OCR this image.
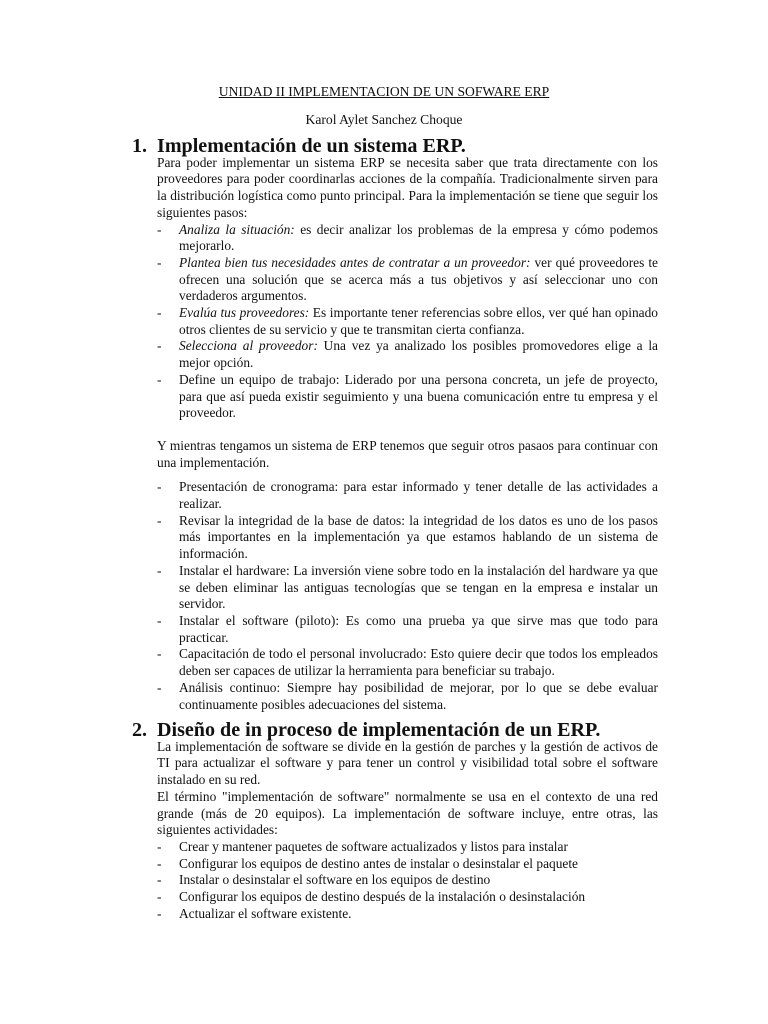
UNIDAD II IMPLEMENTACION DE UN SOFWARE ERP

Karol Aylet Sanchez Choque

1. Implementación de un sistema ERP.

Para poder implementar un sistema ERP se necesita saber que trata directamente con los proveedores para poder coordinarlas acciones de la compañía. Tradicionalmente sirven para la distribución logística como punto principal. Para la implementación se tiene que seguir los siguientes pasos:

-	Analiza la situación: es decir analizar los problemas de la empresa y cómo podemos mejorarlo.
-	Plantea bien tus necesidades antes de contratar a un proveedor: ver qué proveedores te ofrecen una solución que se acerca más a tus objetivos y así seleccionar uno con verdaderos argumentos.
-	Evalúa tus proveedores: Es importante tener referencias sobre ellos, ver qué han opinado otros clientes de su servicio y que te transmitan cierta confianza.
-	Selecciona al proveedor: Una vez ya analizado los posibles promovedores elige a la mejor opción.
-	Define un equipo de trabajo: Liderado por una persona concreta, un jefe de proyecto, para que así pueda existir seguimiento y una buena comunicación entre tu empresa y el proveedor.

Y mientras tengamos un sistema de ERP tenemos que seguir otros pasaos para continuar con una implementación.

-	Presentación de cronograma: para estar informado y tener detalle de las actividades a realizar.
-	Revisar la integridad de la base de datos: la integridad de los datos es uno de los pasos más importantes en la implementación ya que estamos hablando de un sistema de información.
-	Instalar el hardware: La inversión viene sobre todo en la instalación del hardware ya que se deben eliminar las antiguas tecnologías que se tengan en la empresa e instalar un servidor.
-	Instalar el software (piloto): Es como una prueba ya que sirve mas que todo para practicar.
-	Capacitación de todo el personal involucrado: Esto quiere decir que todos los empleados deben ser capaces de utilizar la herramienta para beneficiar su trabajo.
-	Análisis continuo: Siempre hay posibilidad de mejorar, por lo que se debe evaluar continuamente posibles adecuaciones del sistema.
2. Diseño de in proceso de implementación de un ERP.

La implementación de software se divide en la gestión de parches y la gestión de activos de TI para actualizar el software y para tener un control y visibilidad total sobre el software instalado en su red.

El término "implementación de software" normalmente se usa en el contexto de una red grande (más de 20 equipos). La implementación de software incluye, entre otras, las siguientes actividades:

-	Crear y mantener paquetes de software actualizados y listos para instalar
-	Configurar los equipos de destino antes de instalar o desinstalar el paquete
-	Instalar o desinstalar el software en los equipos de destino
-	Configurar los equipos de destino después de la instalación o desinstalación
-	Actualizar el software existente.
